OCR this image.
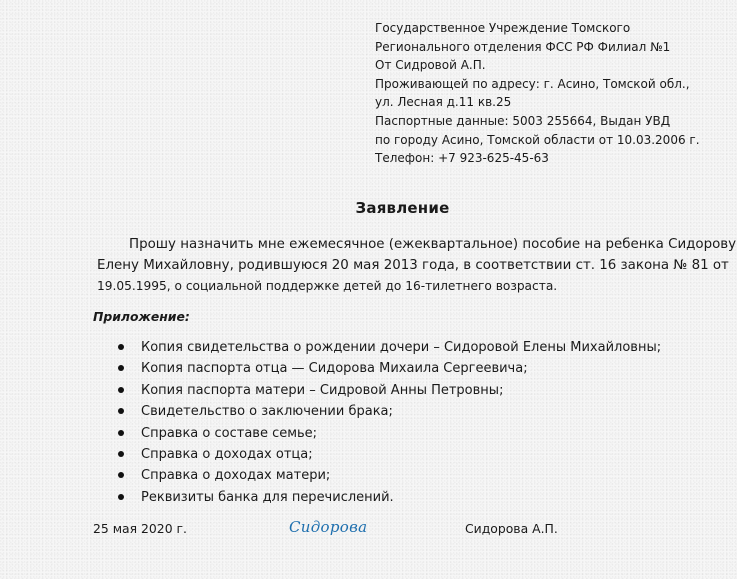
Государственное Учреждение Томского
Регионального отделения ФСС РФ Филиал №1
От Сидровой А.П.
Проживающей по адресу: г. Асино, Томской обл.,
ул. Лесная д.11 кв.25
Паспортные данные: 5003 255664, Выдан УВД
по городу Асино, Томской области от 10.03.2006 г.
Телефон: +7 923-625-45-63
Заявление
Прошу назначить мне ежемесячное (ежеквартальное) пособие на ребенка Сидорову
Елену Михайловну, родившуюся 20 мая 2013 года, в соответствии ст. 16 закона № 81 от
19.05.1995, о социальной поддержке детей до 16-тилетнего возраста.
Приложение:
Копия свидетельства о рождении дочери – Сидоровой Елены Михайловны;
Копия паспорта отца — Сидорова Михаила Сергеевича;
Копия паспорта матери – Сидровой Анны Петровны;
Свидетельство о заключении брака;
Справка о составе семье;
Справка о доходах отца;
Справка о доходах матери;
Реквизиты банка для перечислений.
25 мая 2020 г.	Сидорова	Сидорова А.П.
